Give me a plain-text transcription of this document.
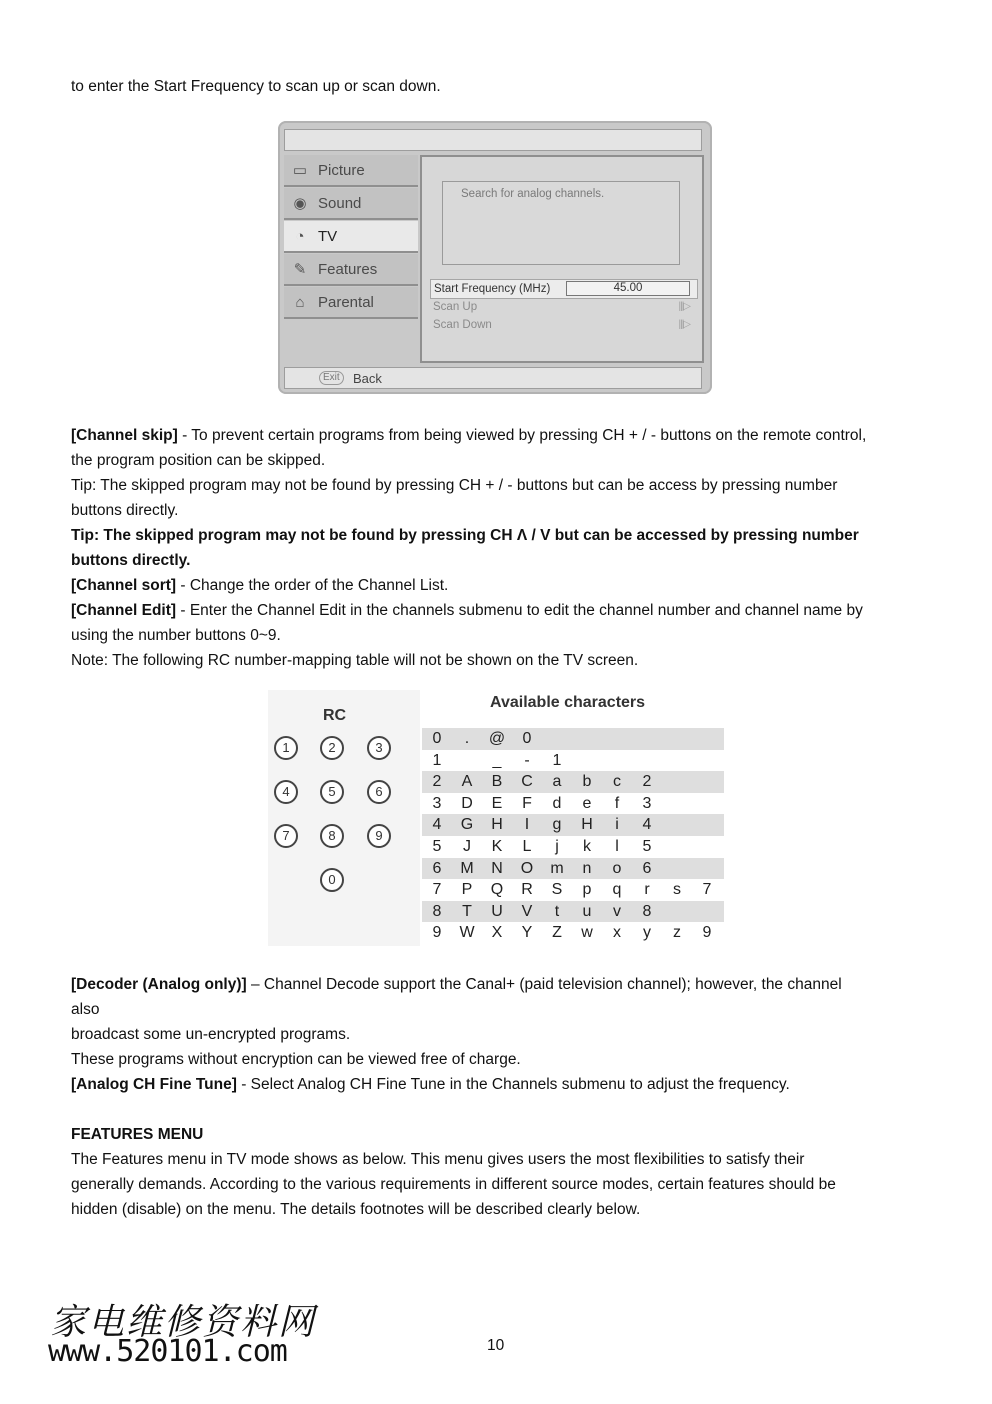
to enter the Start Frequency to scan up or scan down.

▭ Picture
◉ Sound
◔ TV
✎ Features
⌂ Parental
Search for analog channels.
Start Frequency (MHz)	45.00
Scan Up	|||▷
Scan Down	|||▷
Exit	Back

[Channel skip] - To prevent certain programs from being viewed by pressing CH + / - buttons on the remote control,

the program position can be skipped.

Tip: The skipped program may not be found by pressing CH + / - buttons but can be access by pressing number

buttons directly.

Tip: The skipped program may not be found by pressing CH Λ / V but can be accessed by pressing number

buttons directly.

[Channel sort] - Change the order of the Channel List.

[Channel Edit] - Enter the Channel Edit in the channels submenu to edit the channel number and channel name by

using the number buttons 0~9.

Note: The following RC number-mapping table will not be shown on the TV screen.

RC
1	2	3
4	5	6
7	8	9
0
Available characters
0	.	@	0
1	_	-	1
2	A	B	C	a	b	c	2
3	D	E	F	d	e	f	3
4	G	H	I	g	H	i	4
5	J	K	L	j	k	l	5
6	M	N	O	m	n	o	6
7	P	Q	R	S	p	q	r	s	7
8	T	U	V	t	u	v	8
9	W	X	Y	Z	w	x	y	z	9

[Decoder (Analog only)] – Channel Decode support the Canal+ (paid television channel); however, the channel

also

broadcast some un-encrypted programs.

These programs without encryption can be viewed free of charge.

[Analog CH Fine Tune] - Select Analog CH Fine Tune in the Channels submenu to adjust the frequency.

FEATURES MENU

The Features menu in TV mode shows as below. This menu gives users the most flexibilities to satisfy their

generally demands. According to the various requirements in different source modes, certain features should be

hidden (disable) on the menu. The details footnotes will be described clearly below.

家电维修资料网
www.520101.com	10
